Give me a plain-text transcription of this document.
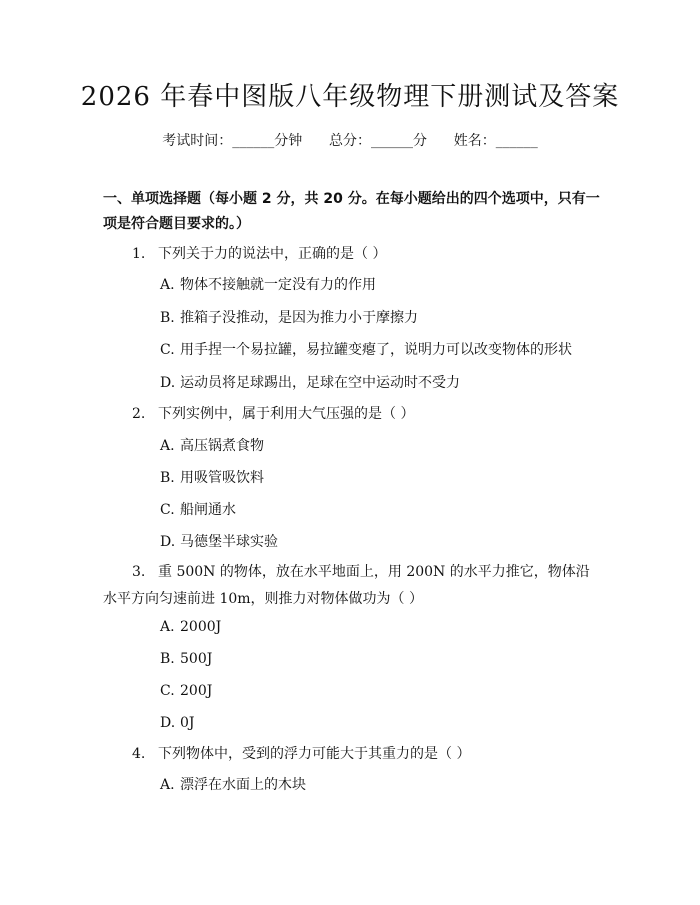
2026 年春中图版八年级物理下册测试及答案
考试时间：______分钟      总分：______分      姓名：______
一、单项选择题（每小题 2 分，共 20 分。在每小题给出的四个选项中，只有一项是符合题目要求的。）
1. 下列关于力的说法中，正确的是（ ）
A. 物体不接触就一定没有力的作用
B. 推箱子没推动，是因为推力小于摩擦力
C. 用手捏一个易拉罐，易拉罐变瘪了，说明力可以改变物体的形状
D. 运动员将足球踢出，足球在空中运动时不受力
2. 下列实例中，属于利用大气压强的是（ ）
A. 高压锅煮食物
B. 用吸管吸饮料
C. 船闸通水
D. 马德堡半球实验
3. 重 500N 的物体，放在水平地面上，用 200N 的水平力推它，物体沿水平方向匀速前进 10m，则推力对物体做功为（ ）
A. 2000J
B. 500J
C. 200J
D. 0J
4. 下列物体中，受到的浮力可能大于其重力的是（ ）
A. 漂浮在水面上的木块
